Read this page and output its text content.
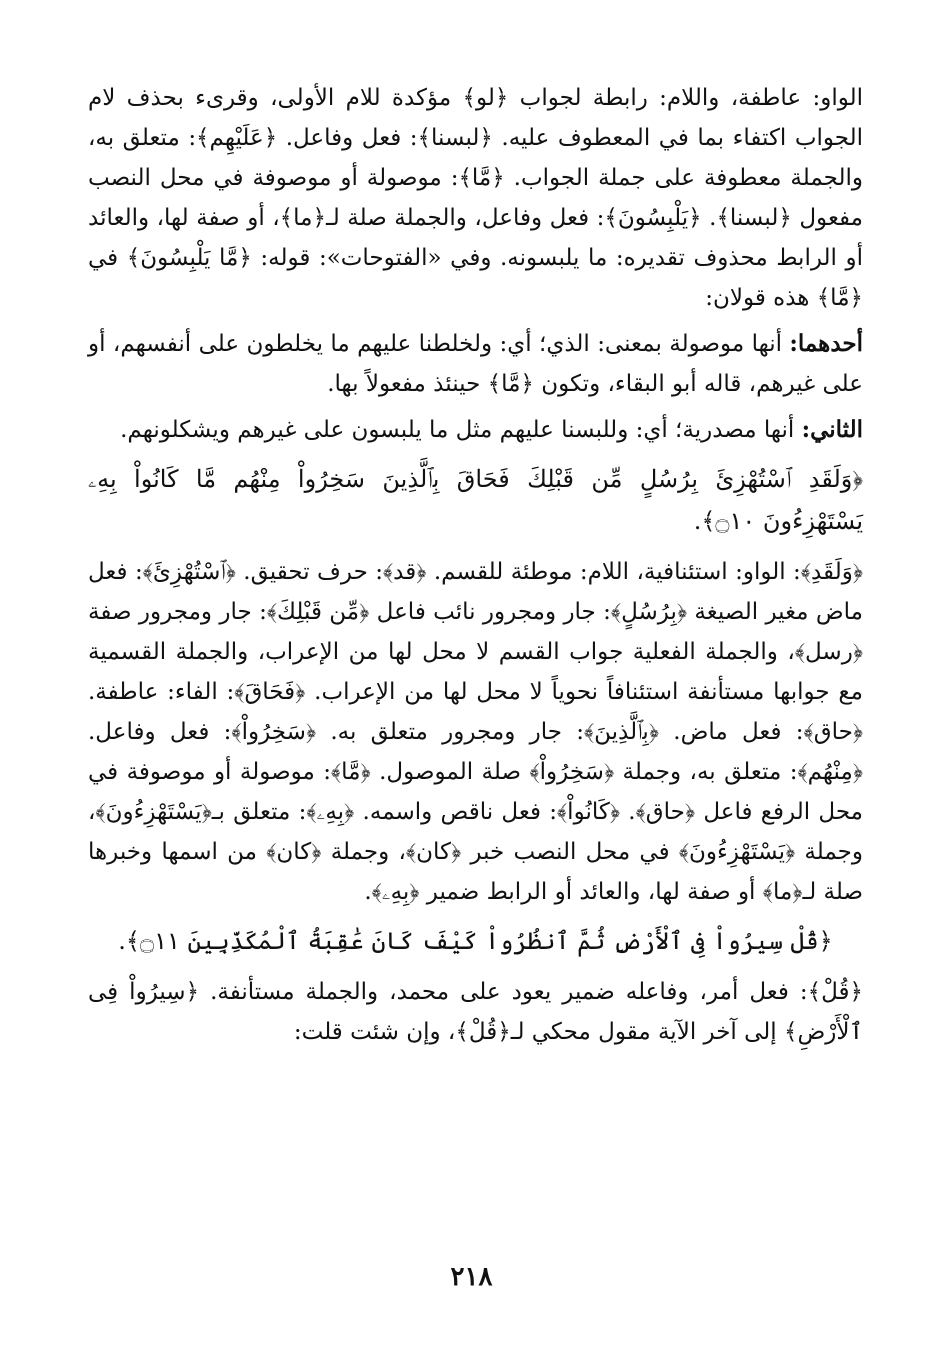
الواو: عاطفة، واللام: رابطة لجواب ﴿لو﴾ مؤكدة للام الأولى، وقرىء بحذف لام الجواب اكتفاء بما في المعطوف عليه. ﴿لبسنا﴾: فعل وفاعل. ﴿عَلَيْهِم﴾: متعلق به، والجملة معطوفة على جملة الجواب. ﴿مَّا﴾: موصولة أو موصوفة في محل النصب مفعول ﴿لبسنا﴾. ﴿يَلْبِسُونَ﴾: فعل وفاعل، والجملة صلة لـ﴿ما﴾، أو صفة لها، والعائد أو الرابط محذوف تقديره: ما يلبسونه. وفي «الفتوحات»: قوله: ﴿مَّا يَلْبِسُونَ﴾ في ﴿مَّا﴾ هذه قولان:

أحدهما: أنها موصولة بمعنى: الذي؛ أي: ولخلطنا عليهم ما يخلطون على أنفسهم، أو على غيرهم، قاله أبو البقاء، وتكون ﴿مَّا﴾ حينئذ مفعولاً بها.

الثاني: أنها مصدرية؛ أي: وللبسنا عليهم مثل ما يلبسون على غيرهم ويشكلونهم.

﴿وَلَقَدِ ٱسْتُهْزِئَ بِرُسُلٍ مِّن قَبْلِكَ فَحَاقَ بِٱلَّذِينَ سَخِرُواْ مِنْهُم مَّا كَانُواْ بِهِۦ يَسْتَهْزِءُونَ ۝١٠﴾.

﴿وَلَقَدِ﴾: الواو: استئنافية، اللام: موطئة للقسم. ﴿قد﴾: حرف تحقيق. ﴿ٱسْتُهْزِئَ﴾: فعل ماض مغير الصيغة ﴿بِرُسُلٍ﴾: جار ومجرور نائب فاعل ﴿مِّن قَبْلِكَ﴾: جار ومجرور صفة ﴿رسل﴾، والجملة الفعلية جواب القسم لا محل لها من الإعراب، والجملة القسمية مع جوابها مستأنفة استئنافاً نحوياً لا محل لها من الإعراب. ﴿فَحَاقَ﴾: الفاء: عاطفة. ﴿حاق﴾: فعل ماض. ﴿بِٱلَّذِينَ﴾: جار ومجرور متعلق به. ﴿سَخِرُواْ﴾: فعل وفاعل. ﴿مِنْهُم﴾: متعلق به، وجملة ﴿سَخِرُواْ﴾ صلة الموصول. ﴿مَّا﴾: موصولة أو موصوفة في محل الرفع فاعل ﴿حاق﴾. ﴿كَانُواْ﴾: فعل ناقص واسمه. ﴿بِهِۦ﴾: متعلق بـ﴿يَسْتَهْزِءُونَ﴾، وجملة ﴿يَسْتَهْزِءُونَ﴾ في محل النصب خبر ﴿كان﴾، وجملة ﴿كان﴾ من اسمها وخبرها صلة لـ﴿ما﴾ أو صفة لها، والعائد أو الرابط ضمير ﴿بِهِۦ﴾.

﴿قُلْ سِيرُواْ فِى ٱلْأَرْضِ ثُمَّ ٱنظُرُواْ كَيْفَ كَانَ عَٰقِبَةُ ٱلْمُكَذِّبِينَ ۝١١﴾.

﴿قُلْ﴾: فعل أمر، وفاعله ضمير يعود على محمد، والجملة مستأنفة. ﴿سِيرُواْ فِى ٱلْأَرْضِ﴾ إلى آخر الآية مقول محكي لـ﴿قُلْ﴾، وإن شئت قلت:

٢١٨
